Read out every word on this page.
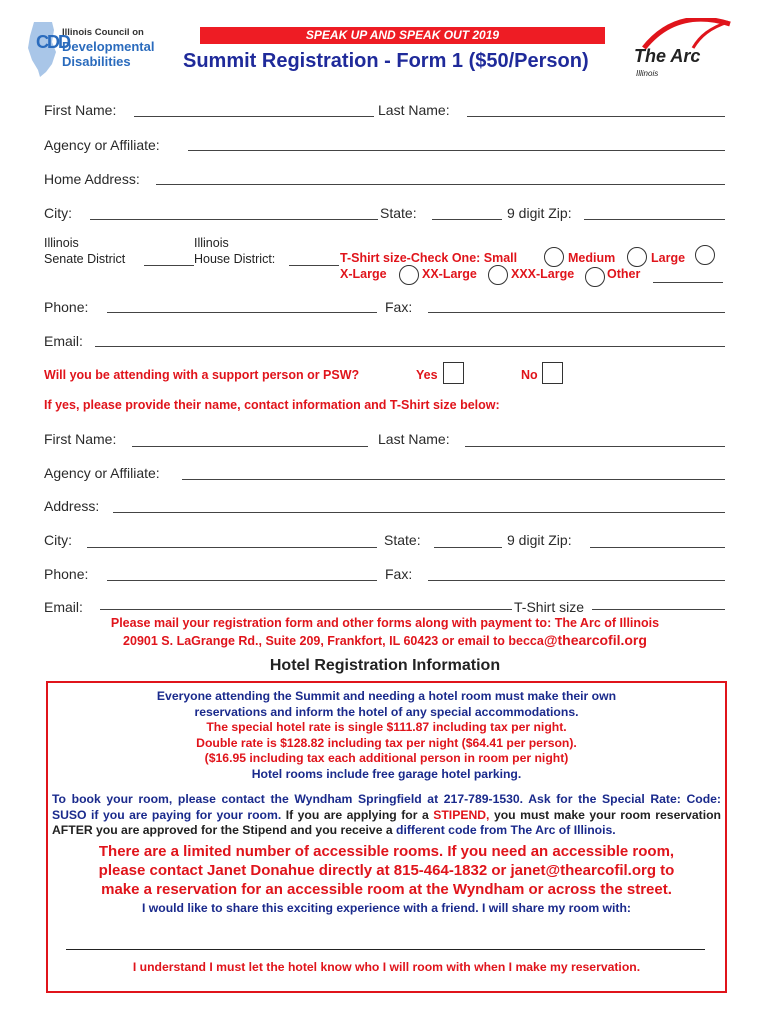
CDD
Illinois Council on
Developmental
Disabilities
SPEAK UP AND SPEAK OUT 2019
Summit Registration - Form 1 ($50/Person)	The Arc
Illinois
First Name:	Last Name:
Agency or Affiliate:
Home Address:
City:	State:	9 digit Zip:
Illinois
Senate District
Illinois
House District:	T-Shirt size-Check One: Small	Medium	Large
X-Large	XX-Large	XXX-Large	Other
Phone:	Fax:
Email:
Will you be attending with a support person or PSW?	Yes	No
If yes, please provide their name, contact information and T-Shirt size below:
First Name:	Last Name:
Agency or Affiliate:
Address:
City:	State:	9 digit Zip:
Phone:	Fax:
Email:	T-Shirt size
Please mail your registration form and other forms along with payment to: The Arc of Illinois
20901 S. LaGrange Rd., Suite 209, Frankfort, IL 60423 or email to becca@thearcofil.org
Hotel Registration Information
Everyone attending the Summit and needing a hotel room must make their own
reservations and inform the hotel of any special accommodations.
The special hotel rate is single $111.87 including tax per night.
Double rate is $128.82 including tax per night ($64.41 per person).
($16.95 including tax each additional person in room per night)
Hotel rooms include free garage hotel parking.
To book your room, please contact the Wyndham Springfield at 217-789-1530. Ask for the Special Rate: Code: SUSO if you are paying for your room. If you are applying for a STIPEND, you must make your room reservation AFTER you are approved for the Stipend and you receive a different code from The Arc of Illinois.
There are a limited number of accessible rooms. If you need an accessible room,
please contact Janet Donahue directly at 815-464-1832 or janet@thearcofil.org to
make a reservation for an accessible room at the Wyndham or across the street.
I would like to share this exciting experience with a friend. I will share my room with:
I understand I must let the hotel know who I will room with when I make my reservation.
